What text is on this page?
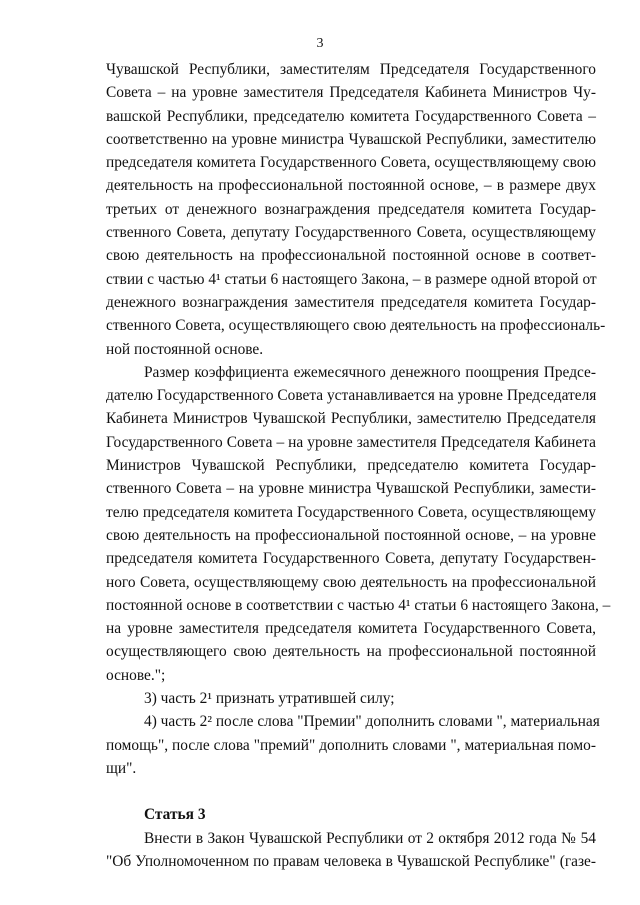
3
Чувашской Республики, заместителям Председателя Государственного
Совета – на уровне заместителя Председателя Кабинета Министров Чу-
вашской Республики, председателю комитета Государственного Совета –
соответственно на уровне министра Чувашской Республики, заместителю
председателя комитета Государственного Совета, осуществляющему свою
деятельность на профессиональной постоянной основе, – в размере двух
третьих от денежного вознаграждения председателя комитета Государ-
ственного Совета, депутату Государственного Совета, осуществляющему
свою деятельность на профессиональной постоянной основе в соответ-
ствии с частью 4¹ статьи 6 настоящего Закона, – в размере одной второй от
денежного вознаграждения заместителя председателя комитета Государ-
ственного Совета, осуществляющего свою деятельность на профессиональ-
ной постоянной основе.
Размер коэффициента ежемесячного денежного поощрения Предсе-
дателю Государственного Совета устанавливается на уровне Председателя
Кабинета Министров Чувашской Республики, заместителю Председателя
Государственного Совета – на уровне заместителя Председателя Кабинета
Министров Чувашской Республики, председателю комитета Государ-
ственного Совета – на уровне министра Чувашской Республики, замести-
телю председателя комитета Государственного Совета, осуществляющему
свою деятельность на профессиональной постоянной основе, – на уровне
председателя комитета Государственного Совета, депутату Государствен-
ного Совета, осуществляющему свою деятельность на профессиональной
постоянной основе в соответствии с частью 4¹ статьи 6 настоящего Закона, –
на уровне заместителя председателя комитета Государственного Совета,
осуществляющего свою деятельность на профессиональной постоянной
основе.";
3) часть 2¹ признать утратившей силу;
4) часть 2² после слова "Премии" дополнить словами ", материальная
помощь", после слова "премий" дополнить словами ", материальная помо-
щи".
Статья 3
Внести в Закон Чувашской Республики от 2 октября 2012 года № 54
"Об Уполномоченном по правам человека в Чувашской Республике" (газе-
